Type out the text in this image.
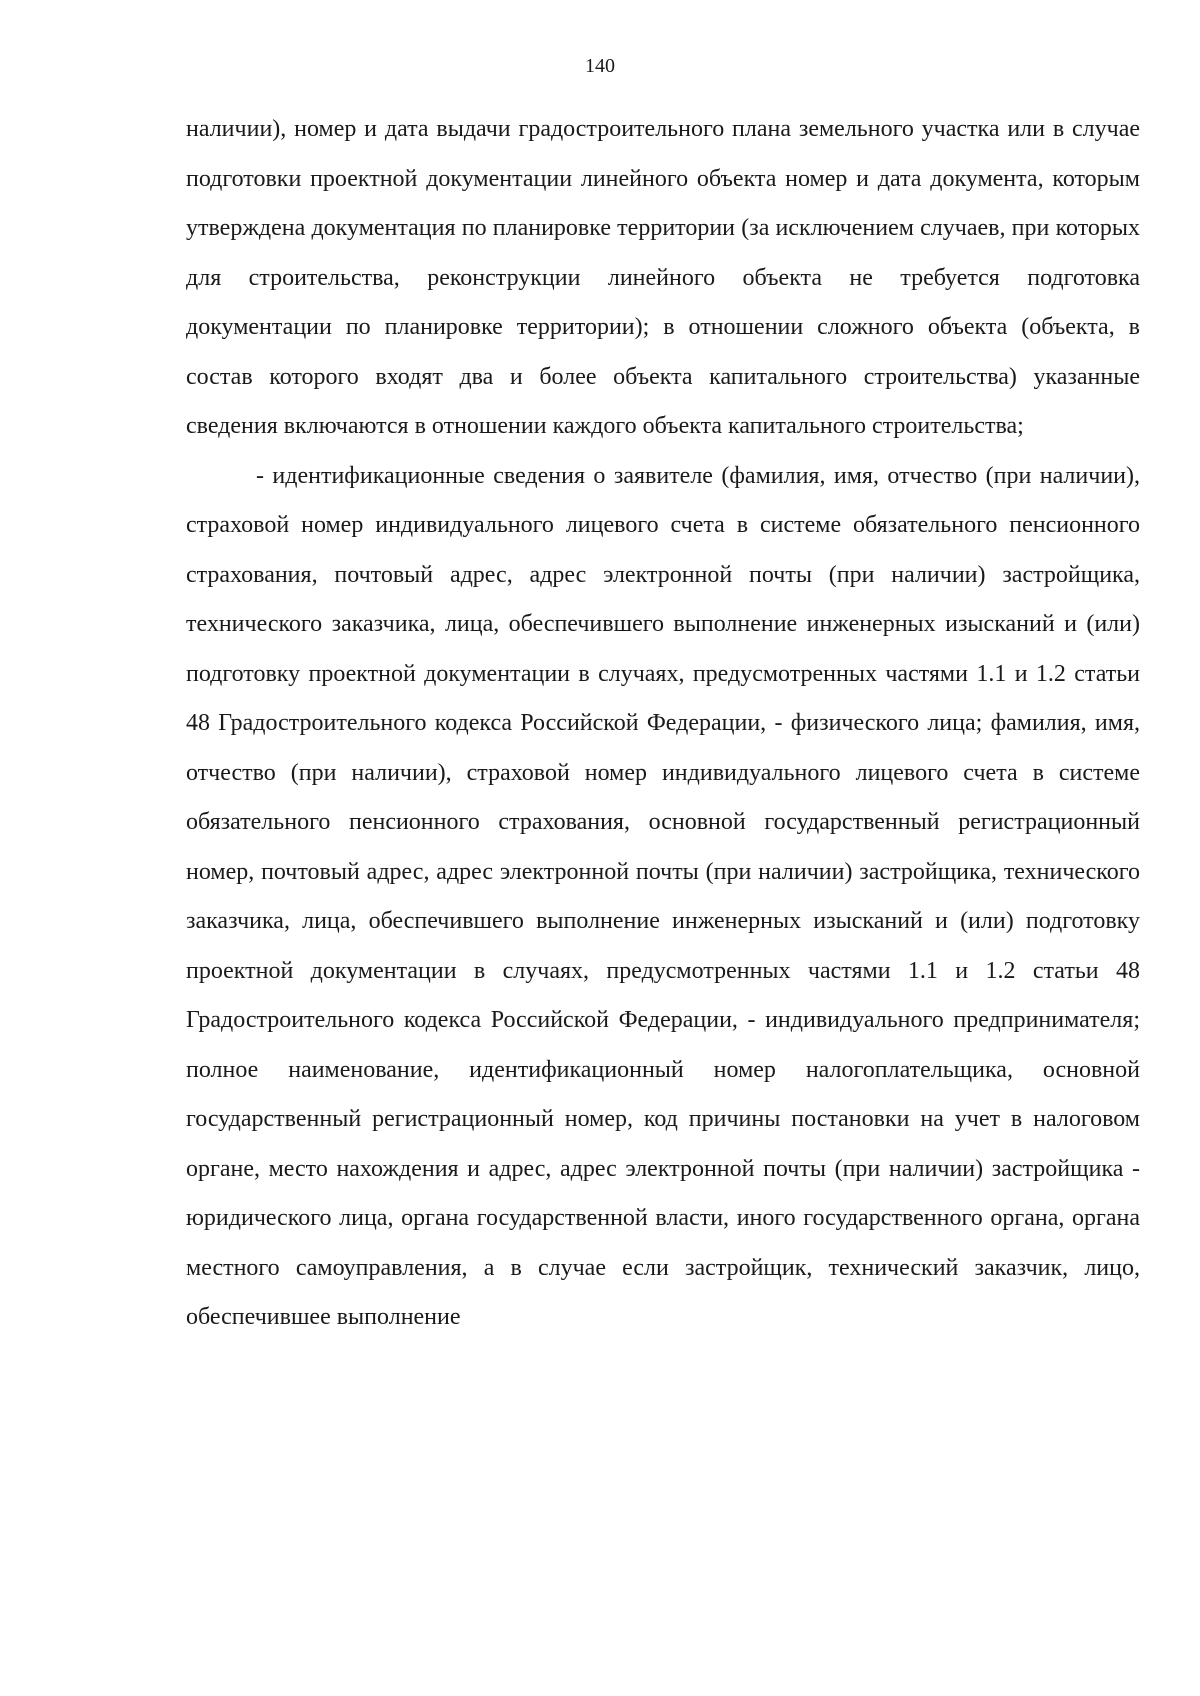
140

наличии), номер и дата выдачи градостроительного плана земельного участка или в случае подготовки проектной документации линейного объекта номер и дата документа, которым утверждена документация по планировке территории (за исключением случаев, при которых для строительства, реконструкции линейного объекта не требуется подготовка документации по планировке территории); в отношении сложного объекта (объекта, в состав которого входят два и более объекта капитального строительства) указанные сведения включаются в отношении каждого объекта капитального строительства;

- идентификационные сведения о заявителе (фамилия, имя, отчество (при наличии), страховой номер индивидуального лицевого счета в системе обязательного пенсионного страхования, почтовый адрес, адрес электронной почты (при наличии) застройщика, технического заказчика, лица, обеспечившего выполнение инженерных изысканий и (или) подготовку проектной документации в случаях, предусмотренных частями 1.1 и 1.2 статьи 48 Градостроительного кодекса Российской Федерации, - физического лица; фамилия, имя, отчество (при наличии), страховой номер индивидуального лицевого счета в системе обязательного пенсионного страхования, основной государственный регистрационный номер, почтовый адрес, адрес электронной почты (при наличии) застройщика, технического заказчика, лица, обеспечившего выполнение инженерных изысканий и (или) подготовку проектной документации в случаях, предусмотренных частями 1.1 и 1.2 статьи 48 Градостроительного кодекса Российской Федерации, - индивидуального предпринимателя; полное наименование, идентификационный номер налогоплательщика, основной государственный регистрационный номер, код причины постановки на учет в налоговом органе, место нахождения и адрес, адрес электронной почты (при наличии) застройщика - юридического лица, органа государственной власти, иного государственного органа, органа местного самоуправления, а в случае если застройщик, технический заказчик, лицо, обеспечившее выполнение
